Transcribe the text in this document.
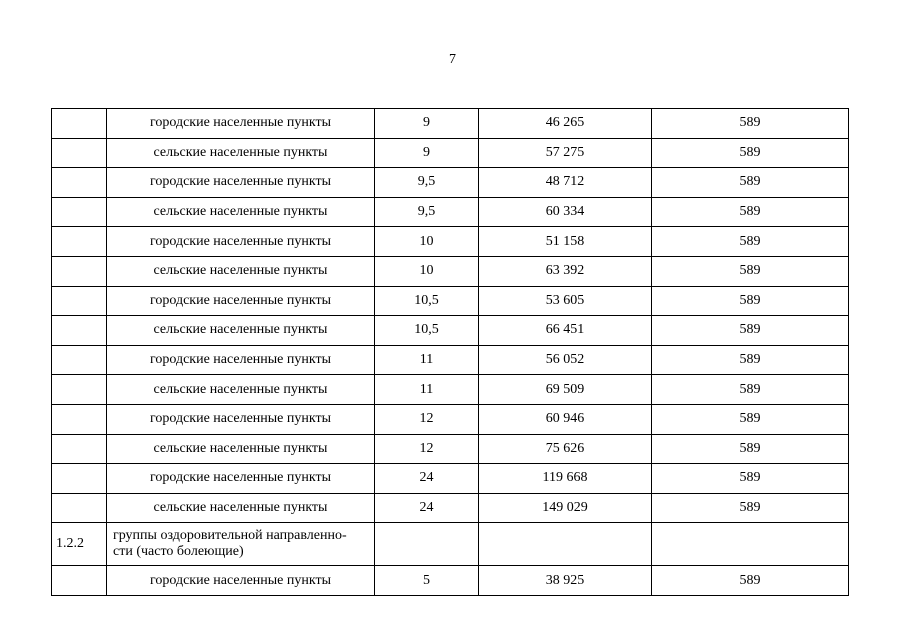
7
	городские населенные пункты	9	46 265	589
	сельские населенные пункты	9	57 275	589
	городские населенные пункты	9,5	48 712	589
	сельские населенные пункты	9,5	60 334	589
	городские населенные пункты	10	51 158	589
	сельские населенные пункты	10	63 392	589
	городские населенные пункты	10,5	53 605	589
	сельские населенные пункты	10,5	66 451	589
	городские населенные пункты	11	56 052	589
	сельские населенные пункты	11	69 509	589
	городские населенные пункты	12	60 946	589
	сельские населенные пункты	12	75 626	589
	городские населенные пункты	24	119 668	589
	сельские населенные пункты	24	149 029	589
1.2.2	группы оздоровительной направленно-
сти (часто болеющие)			
	городские населенные пункты	5	38 925	589
